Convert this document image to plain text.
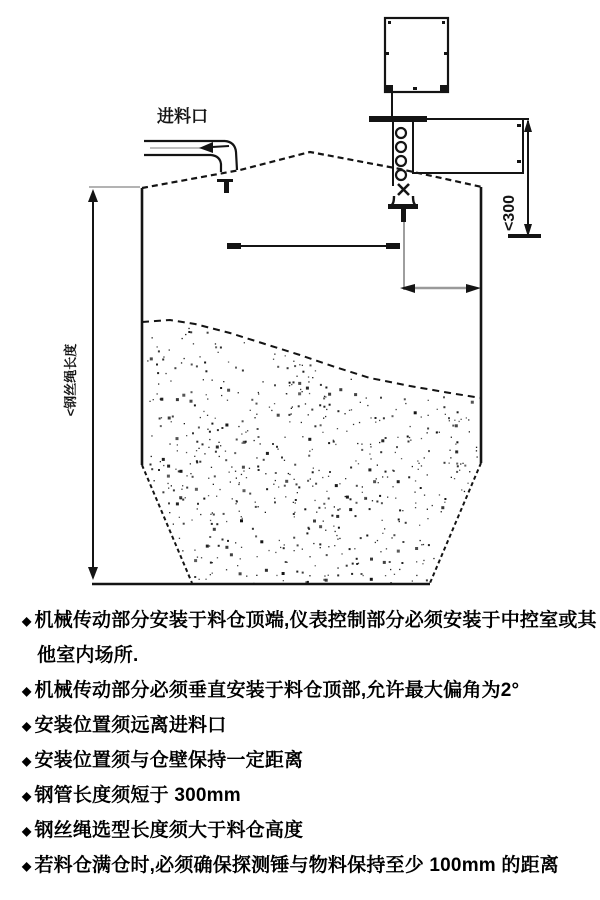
<300
进料口
<钢丝绳长度
◆ 机械传动部分安装于料仓顶端,仪表控制部分必须安装于中控室或其
他室内场所.
◆ 机械传动部分必须垂直安装于料仓顶部,允许最大偏角为2°
◆ 安装位置须远离进料口
◆ 安装位置须与仓壁保持一定距离
◆ 钢管长度须短于 300mm
◆ 钢丝绳选型长度须大于料仓高度
◆ 若料仓满仓时,必须确保探测锤与物料保持至少 100mm 的距离
